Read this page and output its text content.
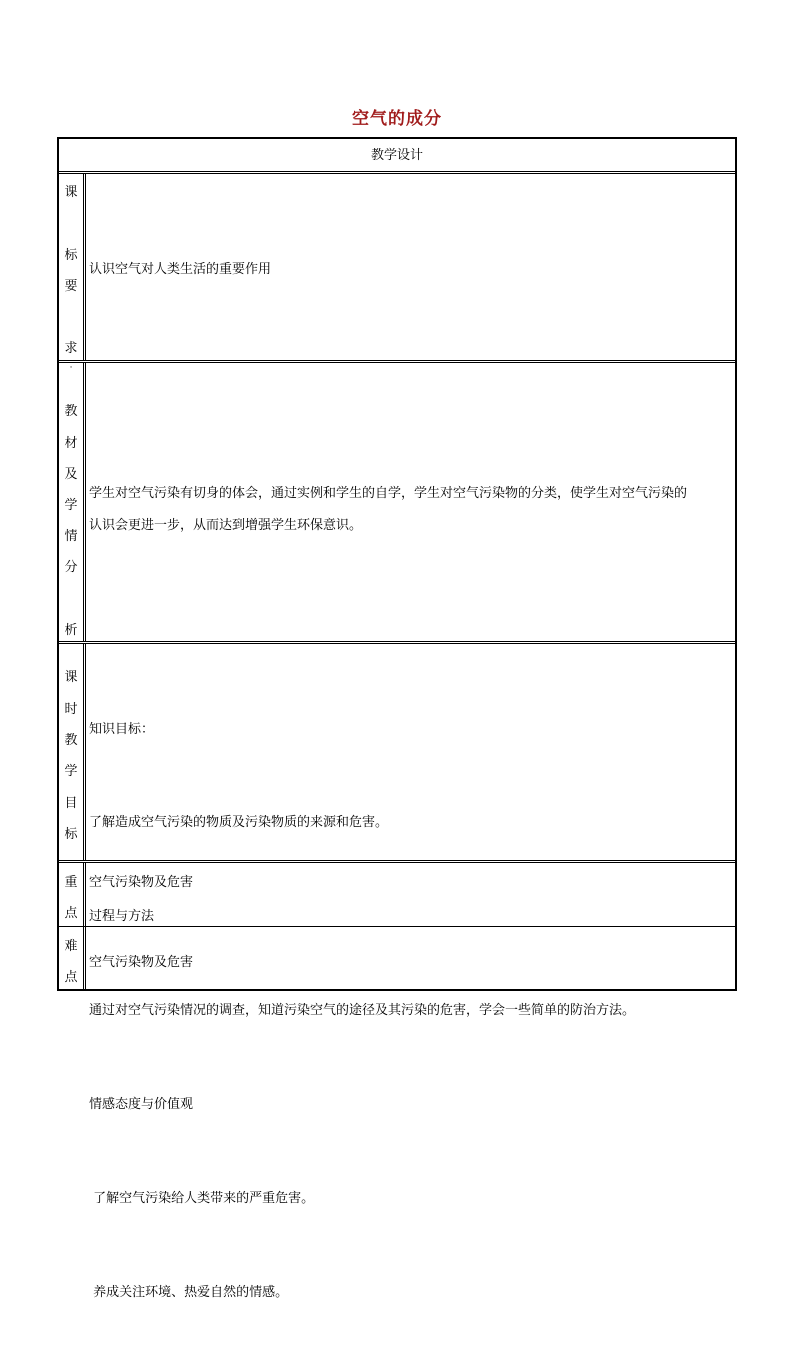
空气的成分
教学设计
课
标
要
求
认识空气对人类生活的重要作用
·
教
材
及
学
情
分
析

学生对空气污染有切身的体会，通过实例和学生的自学，学生对空气污染物的分类，使学生对空气污染的

认识会更进一步，从而达到增强学生环保意识。

课
时
教
学
目
标

知识目标：

了解造成空气污染的物质及污染物质的来源和危害。

过程与方法

通过对空气污染情况的调查，知道污染空气的途径及其污染的危害，学会一些简单的防治方法。

情感态度与价值观

了解空气污染给人类带来的严重危害。

养成关注环境、热爱自然的情感。

重
点
空气污染物及危害
难
点
空气污染物及危害
